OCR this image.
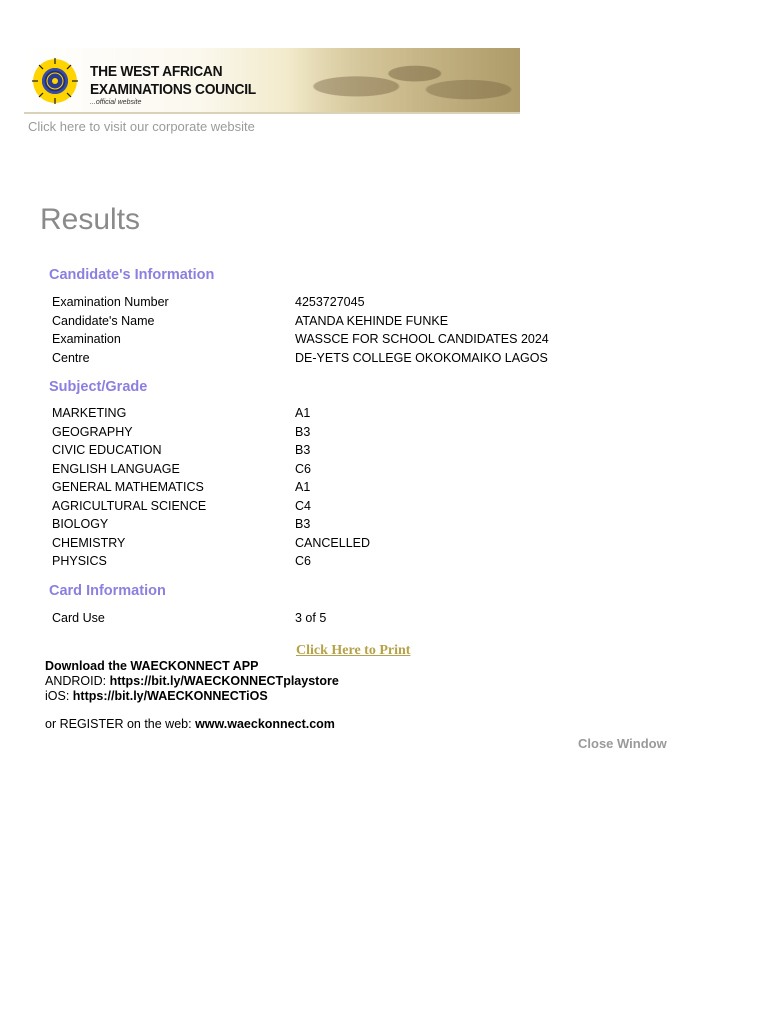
THE WEST AFRICAN
EXAMINATIONS COUNCIL
...official website
Click here to visit our corporate website
Results
Candidate's Information
Examination Number	4253727045
Candidate's Name	ATANDA KEHINDE FUNKE
Examination	WASSCE FOR SCHOOL CANDIDATES 2024
Centre	DE-YETS COLLEGE OKOKOMAIKO LAGOS
Subject/Grade
MARKETING	A1
GEOGRAPHY	B3
CIVIC EDUCATION	B3
ENGLISH LANGUAGE	C6
GENERAL MATHEMATICS	A1
AGRICULTURAL SCIENCE	C4
BIOLOGY	B3
CHEMISTRY	CANCELLED
PHYSICS	C6
Card Information
Card Use	3 of 5
Click Here to Print
Download the WAECKONNECT APP
ANDROID: https://bit.ly/WAECKONNECTplaystore
iOS: https://bit.ly/WAECKONNECTiOS
or REGISTER on the web: www.waeckonnect.com
Close Window
